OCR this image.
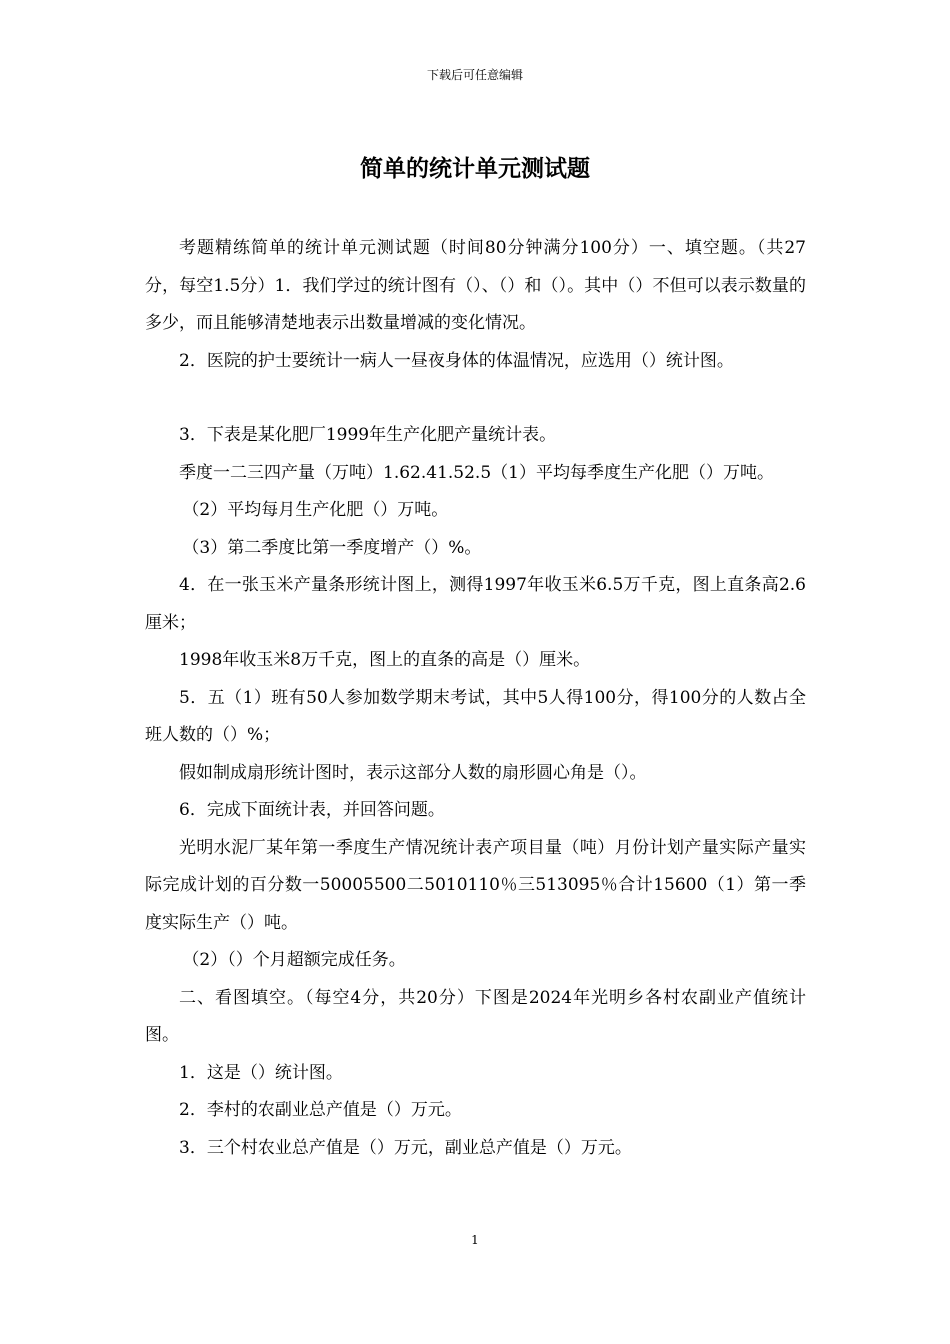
下载后可任意编辑
简单的统计单元测试题

考题精练简单的统计单元测试题（时间80分钟满分100分）一、填空题。（共27分，每空1.5分）1．我们学过的统计图有（）、（）和（）。其中（）不但可以表示数量的多少，而且能够清楚地表示出数量增减的变化情况。

2．医院的护士要统计一病人一昼夜身体的体温情况，应选用（）统计图。

3．下表是某化肥厂1999年生产化肥产量统计表。

季度一二三四产量（万吨）1.62.41.52.5（1）平均每季度生产化肥（）万吨。

（2）平均每月生产化肥（）万吨。

（3）第二季度比第一季度增产（）%。

4．在一张玉米产量条形统计图上，测得1997年收玉米6.5万千克，图上直条高2.6厘米；

1998年收玉米8万千克，图上的直条的高是（）厘米。

5．五（1）班有50人参加数学期末考试，其中5人得100分，得100分的人数占全班人数的（）%；

假如制成扇形统计图时，表示这部分人数的扇形圆心角是（）。

6．完成下面统计表，并回答问题。

光明水泥厂某年第一季度生产情况统计表产项目量（吨）月份计划产量实际产量实际完成计划的百分数一50005500二5010110％三513095％合计15600（1）第一季度实际生产（）吨。

（2）（）个月超额完成任务。

二、看图填空。（每空4分，共20分）下图是2024年光明乡各村农副业产值统计图。

1．这是（）统计图。

2．李村的农副业总产值是（）万元。

3．三个村农业总产值是（）万元，副业总产值是（）万元。

1
